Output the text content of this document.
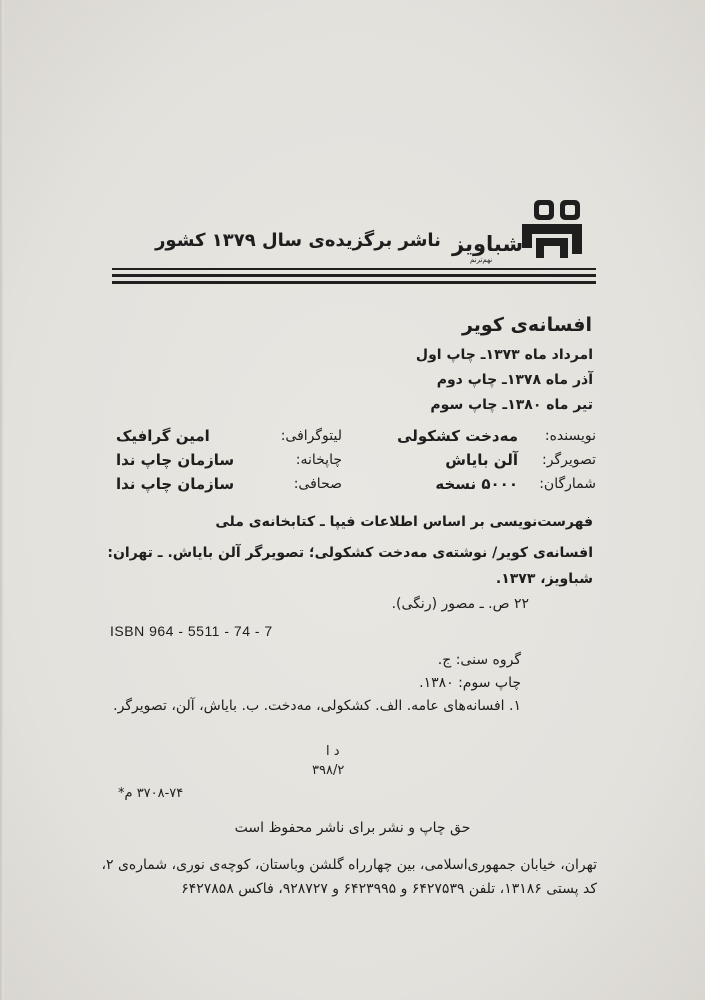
شباویز
نهم‌ترنم
ناشر برگزیده‌ی سال ۱۳۷۹ کشور
افسانه‌ی کویر
امرداد ماه ۱۳۷۳ـ چاپ اول
آذر ماه ۱۳۷۸ـ چاپ دوم
تیر ماه ۱۳۸۰ـ چاپ سوم
نویسنده:
مه‌دخت کشکولی
لیتوگرافی:
امین گرافیک
تصویرگر:
آلن بایاش
چاپخانه:
سازمان چاپ ندا
شمارگان:
۵۰۰۰ نسخه
صحافی:
سازمان چاپ ندا
فهرست‌نویسی بر اساس اطلاعات فیپا ـ کتابخانه‌ی ملی
افسانه‌ی کویر/ نوشته‌ی مه‌دخت کشکولی؛ تصویرگر آلن بایاش. ـ تهران:
شباویز، ۱۳۷۳.
۲۲ ص. ـ مصور (رنگی).
ISBN 964 - 5511 - 74 - 7
گروه سنی: ج.
چاپ سوم: ۱۳۸۰.
۱. افسانه‌های عامه. الف. کشکولی، مه‌دخت. ب. بایاش، آلن، تصویرگر.
د ا
۳۹۸/۲
۳۷۰۸-۷۴ م*
حق چاپ و نشر برای ناشر محفوظ است
تهران، خیابان جمهوری‌اسلامی، بین چهارراه گلشن وباستان، کوچه‌ی نوری، شماره‌ی ۲،
کد پستی ۱۳۱۸۶، تلفن ۶۴۲۷۵۳۹ و ۶۴۲۳۹۹۵ و ۹۲۸۷۲۷، فاکس ۶۴۲۷۸۵۸
